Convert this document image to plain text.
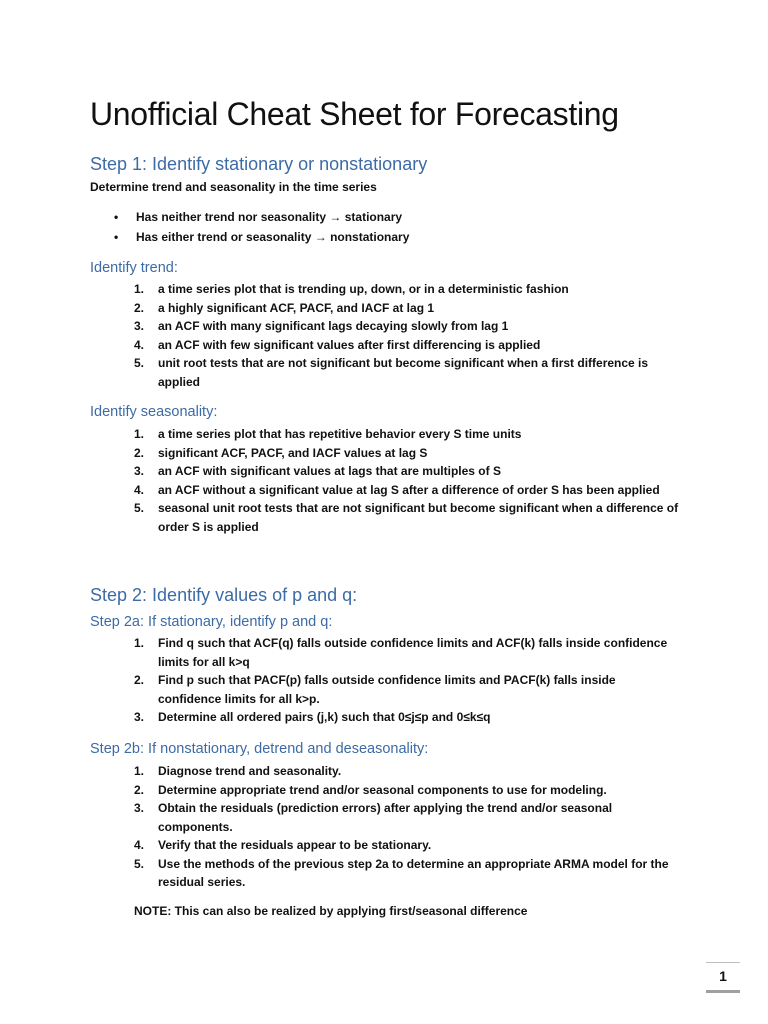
Unofficial Cheat Sheet for Forecasting
Step 1: Identify stationary or nonstationary
Determine trend and seasonality in the time series
• Has neither trend nor seasonality → stationary
• Has either trend or seasonality → nonstationary
Identify trend:
1. a time series plot that is trending up, down, or in a deterministic fashion
2. a highly significant ACF, PACF, and IACF at lag 1
3. an ACF with many significant lags decaying slowly from lag 1
4. an ACF with few significant values after first differencing is applied
5. unit root tests that are not significant but become significant when a first difference is applied
Identify seasonality:
1. a time series plot that has repetitive behavior every S time units
2. significant ACF, PACF, and IACF values at lag S
3. an ACF with significant values at lags that are multiples of S
4. an ACF without a significant value at lag S after a difference of order S has been applied
5. seasonal unit root tests that are not significant but become significant when a difference of order S is applied
Step 2: Identify values of p and q:
Step 2a: If stationary, identify p and q:
1. Find q such that ACF(q) falls outside confidence limits and ACF(k) falls inside confidence limits for all k>q
2. Find p such that PACF(p) falls outside confidence limits and PACF(k) falls inside confidence limits for all k>p.
3. Determine all ordered pairs (j,k) such that 0≤j≤p and 0≤k≤q
Step 2b: If nonstationary, detrend and deseasonality:
1. Diagnose trend and seasonality.
2. Determine appropriate trend and/or seasonal components to use for modeling.
3. Obtain the residuals (prediction errors) after applying the trend and/or seasonal components.
4. Verify that the residuals appear to be stationary.
5. Use the methods of the previous step 2a to determine an appropriate ARMA model for the residual series.
NOTE: This can also be realized by applying first/seasonal difference
1
